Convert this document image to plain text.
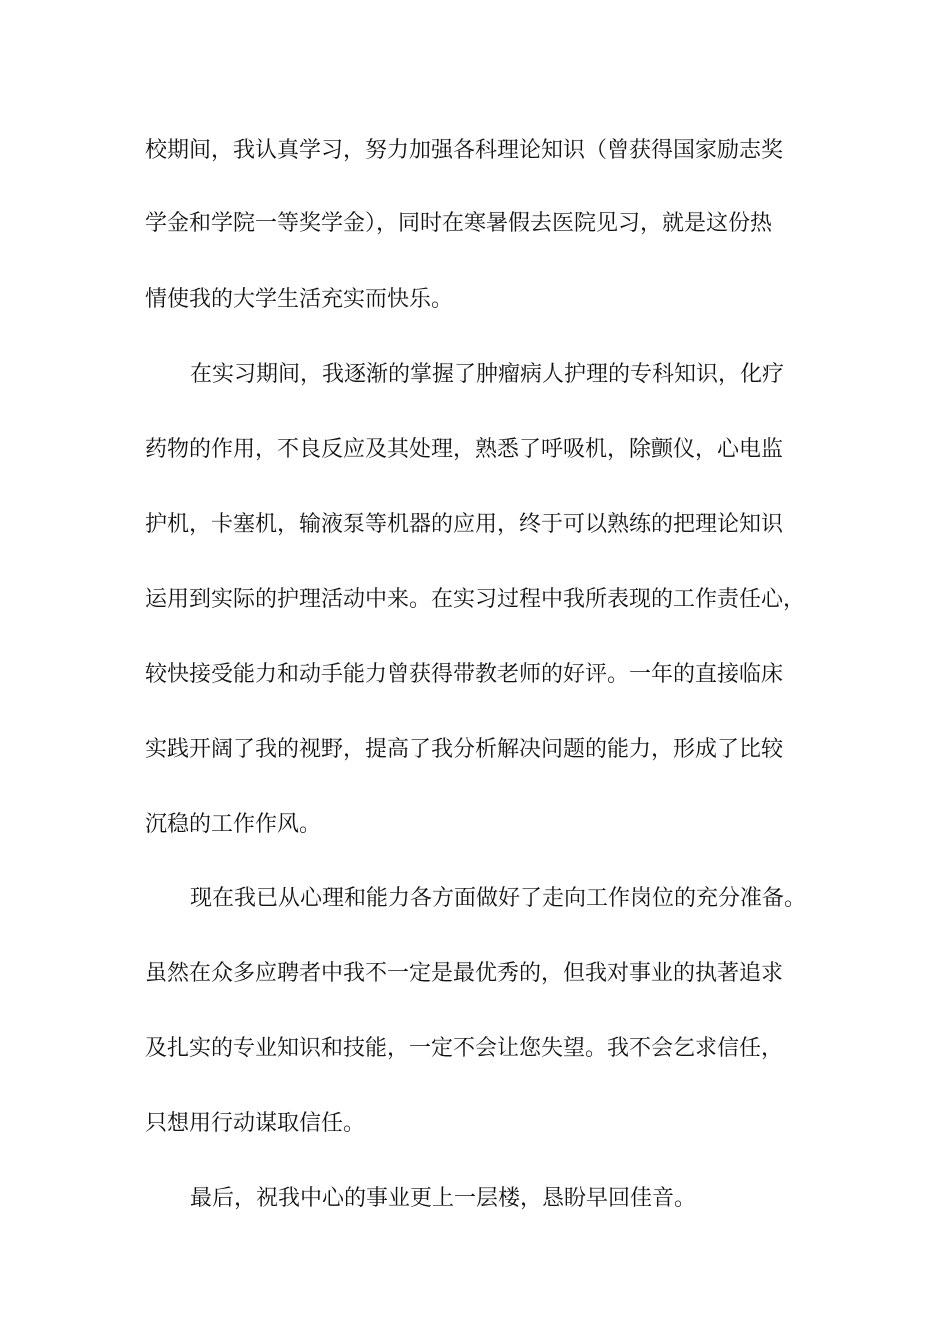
校期间，我认真学习，努力加强各科理论知识（曾获得国家励志奖
学金和学院一等奖学金），同时在寒暑假去医院见习，就是这份热
情使我的大学生活充实而快乐。
在实习期间，我逐渐的掌握了肿瘤病人护理的专科知识，化疗
药物的作用，不良反应及其处理，熟悉了呼吸机，除颤仪，心电监
护机，卡塞机，输液泵等机器的应用，终于可以熟练的把理论知识
运用到实际的护理活动中来。在实习过程中我所表现的工作责任心，
较快接受能力和动手能力曾获得带教老师的好评。一年的直接临床
实践开阔了我的视野，提高了我分析解决问题的能力，形成了比较
沉稳的工作作风。
现在我已从心理和能力各方面做好了走向工作岗位的充分准备。
虽然在众多应聘者中我不一定是最优秀的，但我对事业的执著追求
及扎实的专业知识和技能，一定不会让您失望。我不会乞求信任，
只想用行动谋取信任。
最后，祝我中心的事业更上一层楼，恳盼早回佳音。
